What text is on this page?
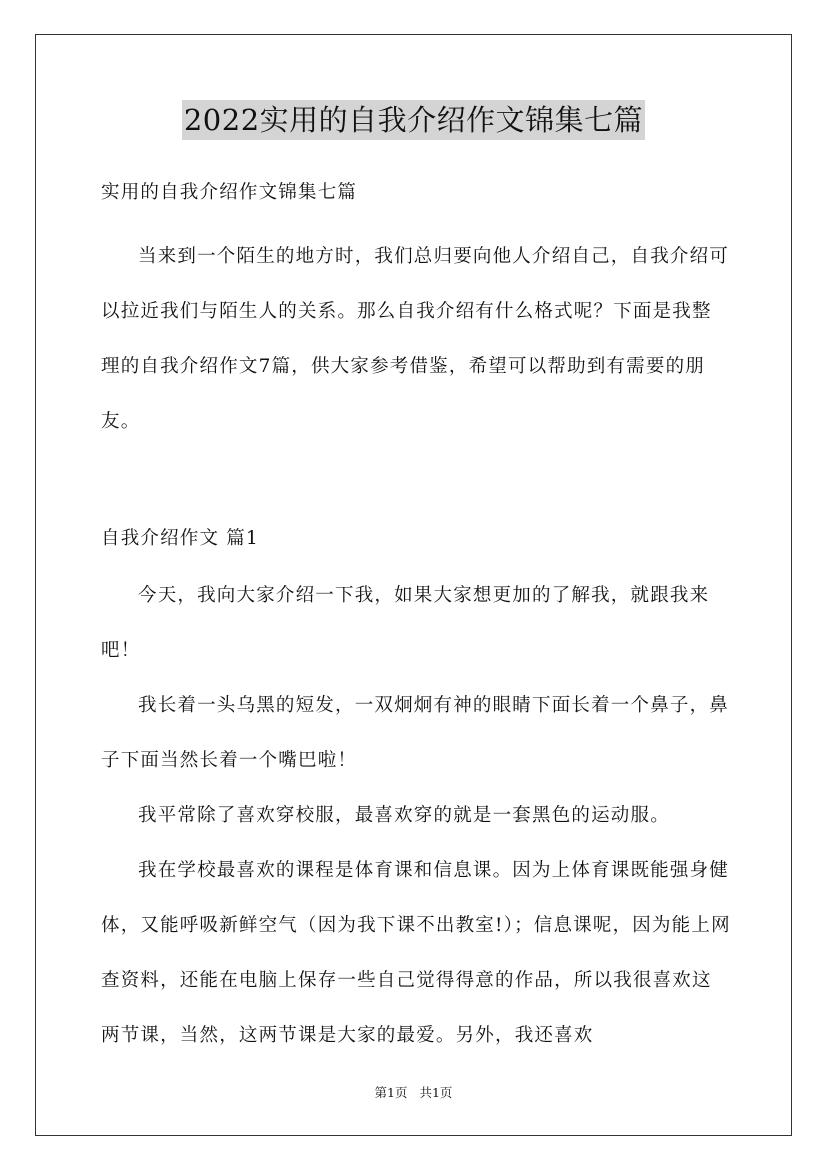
2022实用的自我介绍作文锦集七篇

实用的自我介绍作文锦集七篇

当来到一个陌生的地方时，我们总归要向他人介绍自己，自我介绍可以拉近我们与陌生人的关系。那么自我介绍有什么格式呢？下面是我整理的自我介绍作文7篇，供大家参考借鉴，希望可以帮助到有需要的朋友。

自我介绍作文 篇1

今天，我向大家介绍一下我，如果大家想更加的了解我，就跟我来吧！

我长着一头乌黑的短发，一双炯炯有神的眼睛下面长着一个鼻子，鼻子下面当然长着一个嘴巴啦！

我平常除了喜欢穿校服，最喜欢穿的就是一套黑色的运动服。

我在学校最喜欢的课程是体育课和信息课。因为上体育课既能强身健体，又能呼吸新鲜空气（因为我下课不出教室!）；信息课呢，因为能上网查资料，还能在电脑上保存一些自己觉得得意的作品，所以我很喜欢这两节课，当然，这两节课是大家的最爱。另外，我还喜欢

第1页 共1页
